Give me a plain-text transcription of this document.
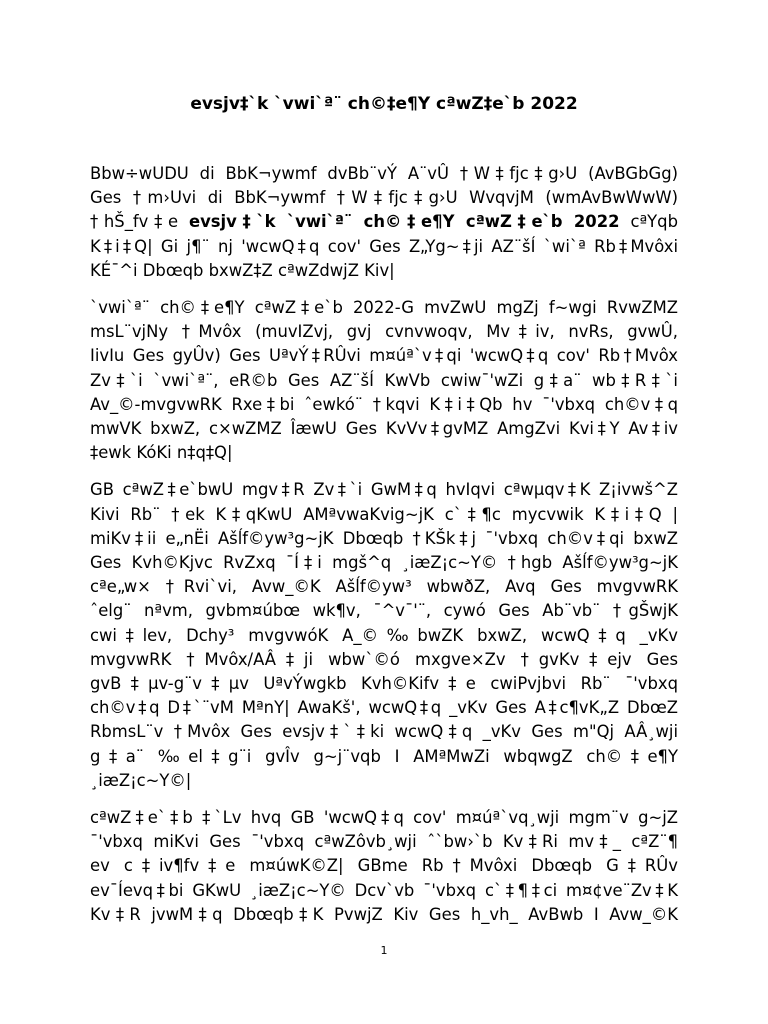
evsjv‡`k `vwi`ª¨ ch©‡e¶Y cªwZ‡e`b 2022
Bbw÷wUDU di BbK¬ywmf dvBb¨vÝ A¨vÛ †W‡fjc‡g›U (AvBGbGg)
Ges †m›Uvi di BbK¬ywmf †W‡fjc‡g›U WvqvjM (wmAvBwWwW)
†hŠ_fv‡e evsjv‡`k `vwi`ª¨ ch©‡e¶Y cªwZ‡e`b 2022 cªYqb
K‡i‡Q| Gi j¶¨ nj 'wcwQ‡q cov' Ges Z„Yg~‡ji AZ¨šÍ `wi`ª Rb‡Mvôxi
KÉ¯^i Dbœqb bxwZ‡Z cªwZdwjZ Kiv|
`vwi`ª¨ ch©‡e¶Y cªwZ‡e`b 2022-G mvZwU mgZj f~wgi RvwZMZ
msL¨vjNy †Mvôx (muvIZvj, gvj cvnvwoqv, Mv‡iv, nvRs, gvwÛ,
IivIu Ges gyÛv) Ges UªvÝ‡RÛvi m¤úª`v‡qi 'wcwQ‡q cov' Rb†Mvôx
Zv‡`i `vwi`ª¨, eR©b Ges AZ¨šÍ KwVb cwiw¯'wZi g‡a¨ wb‡R‡`i
Av_©-mvgvwRK Rxe‡bi ˆewkó¨ †kqvi K‡i‡Qb hv ¯'vbxq ch©v‡q
mwVK bxwZ, c×wZMZ ÎæwU Ges KvVv‡gvMZ AmgZvi Kvi‡Y Av‡iv
‡ewk KóKi n‡q‡Q|
GB cªwZ‡e`bwU mgv‡R Zv‡`i GwM‡q hvIqvi cªwµqv‡K Z¡ivwš^Z
Kivi Rb¨ †ek K‡qKwU AMªvwaKvig~jK c`‡¶c mycvwik K‡i‡Q |
miKv‡ii e„nËi Ašĺf©yw³g~jK Dbœqb †KŠk‡j ¯'vbxq ch©v‡qi bxwZ
Ges Kvh©Kjvc RvZxq ¯Í‡i mgš^q ¸iæZ¡c~Y© †hgb Ašĺf©yw³g~jK
cªe„w× †Rvi`vi, Avw_©K Ašĺf©yw³ wbwðZ, Avq Ges mvgvwRK
ˆelg¨ nªvm, gvbm¤úbœ wk¶v, ¯^v¯'¨, cywó Ges Ab¨vb¨ †gŠwjK
cwi‡lev, Dchy³ mvgvwóK A_©‰bwZK bxwZ, wcwQ‡q _vKv
mvgvwRK †Mvôx/AÂ‡ji wbw`©ó mxgve×Zv †gvKv‡ejv Ges
gvB‡µv-g¨v‡µv UªvÝwgkb Kvh©Kifv‡e cwiPvjbvi Rb¨ ¯'vbxq
ch©v‡q D‡`¨vM MªnY| AwaKš', wcwQ‡q _vKv Ges A‡c¶vK„Z DbœZ
RbmsL¨v †Mvôx Ges evsjv‡`‡ki wcwQ‡q _vKv Ges m"Qj AÂ¸wji
g‡a¨ ‰el‡g¨i gvÎv g~j¨vqb I AMªMwZi wbqwgZ ch©‡e¶Y
¸iæZ¡c~Y©|
cªwZ‡e`‡b ‡`Lv hvq GB 'wcwQ‡q cov' m¤úª`vq¸wji mgm¨v g~jZ
¯'vbxq miKvi Ges ¯'vbxq cªwZôvb¸wji ˆ`bw›`b Kv‡Ri mv‡_ cªZ¨¶
ev c‡iv¶fv‡e m¤úwK©Z| GBme Rb†Mvôxi Dbœqb G‡RÛv
ev¯Íevq‡bi GKwU ¸iæZ¡c~Y© Dcv`vb ¯'vbxq c`‡¶‡ci m¤¢ve¨Zv‡K
Kv‡R jvwM‡q Dbœqb‡K PvwjZ Kiv Ges h_vh_ AvBwb I Avw_©K
1
